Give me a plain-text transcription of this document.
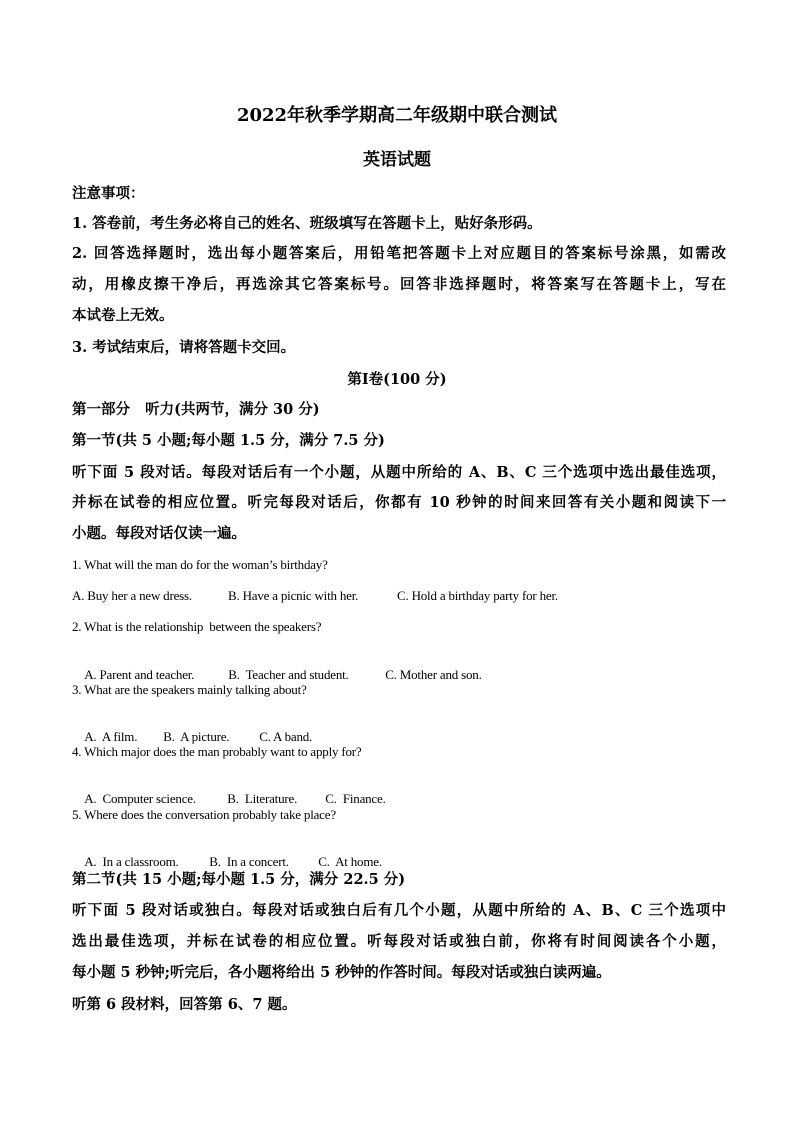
2022年秋季学期高二年级期中联合测试
英语试题
注意事项：
1. 答卷前，考生务必将自己的姓名、班级填写在答题卡上，贴好条形码。
2. 回答选择题时，选出每小题答案后，用铅笔把答题卡上对应题目的答案标号涂黑，如需改
动，用橡皮擦干净后，再选涂其它答案标号。回答非选择题时，将答案写在答题卡上，写在
本试卷上无效。
3. 考试结束后，请将答题卡交回。
第Ⅰ卷(100 分)
第一部分   听力(共两节，满分 30 分)
第一节(共 5 小题;每小题 1.5 分，满分 7.5 分)
听下面 5 段对话。每段对话后有一个小题，从题中所给的 A、B、C 三个选项中选出最佳选项，
并标在试卷的相应位置。听完每段对话后，你都有 10 秒钟的时间来回答有关小题和阅读下一
小题。每段对话仅读一遍。
1. What will the man do for the woman’s birthday?
A. Buy her a new dress.	B. Have a picnic with her.	C. Hold a birthday party for her.
2. What is the relationship  between the speakers?

A. Parent and teacher.	B.  Teacher and student.	C. Mother and son.

3. What are the speakers mainly talking about?

A.  A film. B.  A picture. C. A band.

4. Which major does the man probably want to apply for?

A.  Computer science. B.  Literature. C.  Finance.

5. Where does the conversation probably take place?

A.  In a classroom. B.  In a concert. C.  At home.

第二节(共 15 小题;每小题 1.5 分，满分 22.5 分)
听下面 5 段对话或独白。每段对话或独白后有几个小题，从题中所给的 A、B、C 三个选项中
选出最佳选项，并标在试卷的相应位置。听每段对话或独白前，你将有时间阅读各个小题，
每小题 5 秒钟;听完后，各小题将给出 5 秒钟的作答时间。每段对话或独白读两遍。
听第 6 段材料，回答第 6、7 题。
